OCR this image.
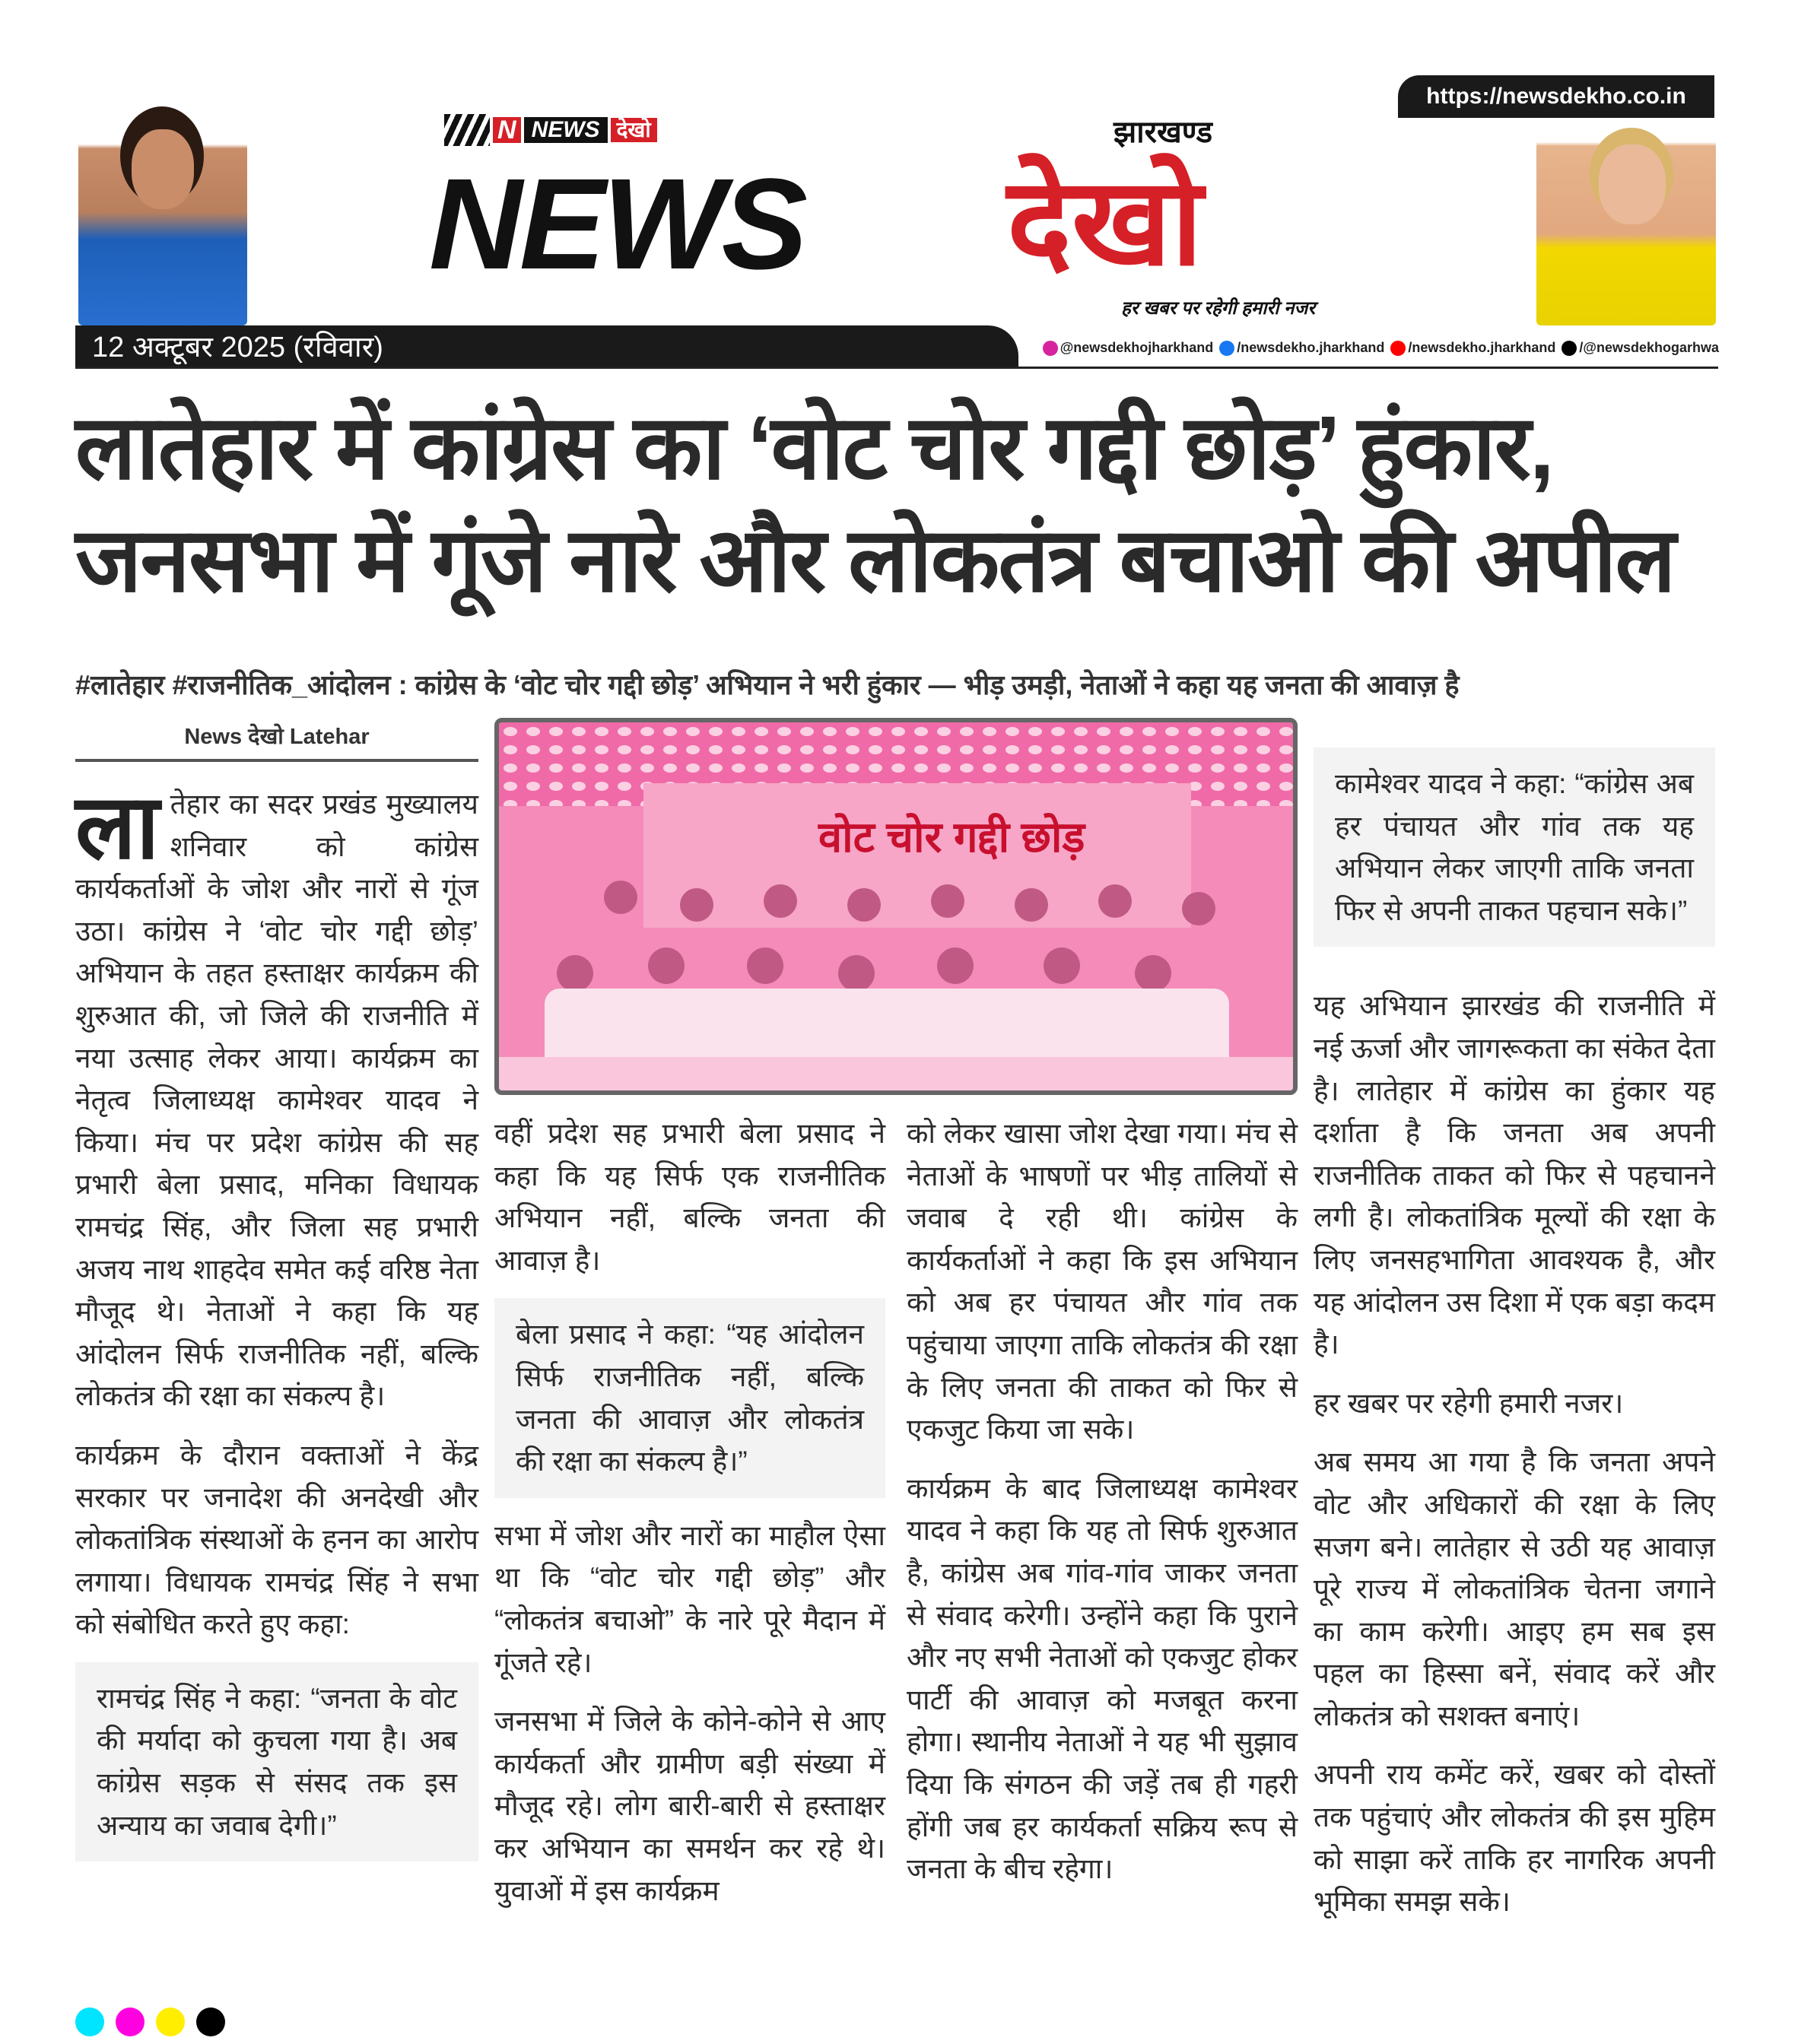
https://newsdekho.co.in
N NEWS देखो
NEWS
झारखण्ड
देखो
हर खबर पर रहेगी हमारी नजर
12 अक्टूबर 2025 (रविवार)	@newsdekhojharkhand	/newsdekho.jharkhand	/newsdekho.jharkhand	/@newsdekhogarhwa
लातेहार में कांग्रेस का ‘वोट चोर गद्दी छोड़’ हुंकार,
जनसभा में गूंजे नारे और लोकतंत्र बचाओ की अपील
#लातेहार #राजनीतिक_आंदोलन : कांग्रेस के ‘वोट चोर गद्दी छोड़’ अभियान ने भरी हुंकार — भीड़ उमड़ी, नेताओं ने कहा यह जनता की आवाज़ है
News देखो Latehar
वोट चोर गद्दी छोड़

लातेहार का सदर प्रखंड मुख्यालय शनिवार को कांग्रेस कार्यकर्ताओं के जोश और नारों से गूंज उठा। कांग्रेस ने ‘वोट चोर गद्दी छोड़’ अभियान के तहत हस्ताक्षर कार्यक्रम की शुरुआत की, जो जिले की राजनीति में नया उत्साह लेकर आया। कार्यक्रम का नेतृत्व जिलाध्यक्ष कामेश्वर यादव ने किया। मंच पर प्रदेश कांग्रेस की सह प्रभारी बेला प्रसाद, मनिका विधायक रामचंद्र सिंह, और जिला सह प्रभारी अजय नाथ शाहदेव समेत कई वरिष्ठ नेता मौजूद थे। नेताओं ने कहा कि यह आंदोलन सिर्फ राजनीतिक नहीं, बल्कि लोकतंत्र की रक्षा का संकल्प है।

कार्यक्रम के दौरान वक्ताओं ने केंद्र सरकार पर जनादेश की अनदेखी और लोकतांत्रिक संस्थाओं के हनन का आरोप लगाया। विधायक रामचंद्र सिंह ने सभा को संबोधित करते हुए कहा:

रामचंद्र सिंह ने कहा: “जनता के वोट की मर्यादा को कुचला गया है। अब कांग्रेस सड़क से संसद तक इस अन्याय का जवाब देगी।”

वहीं प्रदेश सह प्रभारी बेला प्रसाद ने कहा कि यह सिर्फ एक राजनीतिक अभियान नहीं, बल्कि जनता की आवाज़ है।

बेला प्रसाद ने कहा: “यह आंदोलन सिर्फ राजनीतिक नहीं, बल्कि जनता की आवाज़ और लोकतंत्र की रक्षा का संकल्प है।”

सभा में जोश और नारों का माहौल ऐसा था कि “वोट चोर गद्दी छोड़” और “लोकतंत्र बचाओ” के नारे पूरे मैदान में गूंजते रहे।

जनसभा में जिले के कोने-कोने से आए कार्यकर्ता और ग्रामीण बड़ी संख्या में मौजूद रहे। लोग बारी-बारी से हस्ताक्षर कर अभियान का समर्थन कर रहे थे। युवाओं में इस कार्यक्रम

को लेकर खासा जोश देखा गया। मंच से नेताओं के भाषणों पर भीड़ तालियों से जवाब दे रही थी। कांग्रेस के कार्यकर्ताओं ने कहा कि इस अभियान को अब हर पंचायत और गांव तक पहुंचाया जाएगा ताकि लोकतंत्र की रक्षा के लिए जनता की ताकत को फिर से एकजुट किया जा सके।

कार्यक्रम के बाद जिलाध्यक्ष कामेश्वर यादव ने कहा कि यह तो सिर्फ शुरुआत है, कांग्रेस अब गांव-गांव जाकर जनता से संवाद करेगी। उन्होंने कहा कि पुराने और नए सभी नेताओं को एकजुट होकर पार्टी की आवाज़ को मजबूत करना होगा। स्थानीय नेताओं ने यह भी सुझाव दिया कि संगठन की जड़ें तब ही गहरी होंगी जब हर कार्यकर्ता सक्रिय रूप से जनता के बीच रहेगा।

कामेश्वर यादव ने कहा: “कांग्रेस अब हर पंचायत और गांव तक यह अभियान लेकर जाएगी ताकि जनता फिर से अपनी ताकत पहचान सके।”

यह अभियान झारखंड की राजनीति में नई ऊर्जा और जागरूकता का संकेत देता है। लातेहार में कांग्रेस का हुंकार यह दर्शाता है कि जनता अब अपनी राजनीतिक ताकत को फिर से पहचानने लगी है। लोकतांत्रिक मूल्यों की रक्षा के लिए जनसहभागिता आवश्यक है, और यह आंदोलन उस दिशा में एक बड़ा कदम है।

हर खबर पर रहेगी हमारी नजर।

अब समय आ गया है कि जनता अपने वोट और अधिकारों की रक्षा के लिए सजग बने। लातेहार से उठी यह आवाज़ पूरे राज्य में लोकतांत्रिक चेतना जगाने का काम करेगी। आइए हम सब इस पहल का हिस्सा बनें, संवाद करें और लोकतंत्र को सशक्त बनाएं।

अपनी राय कमेंट करें, खबर को दोस्तों तक पहुंचाएं और लोकतंत्र की इस मुहिम को साझा करें ताकि हर नागरिक अपनी भूमिका समझ सके।
